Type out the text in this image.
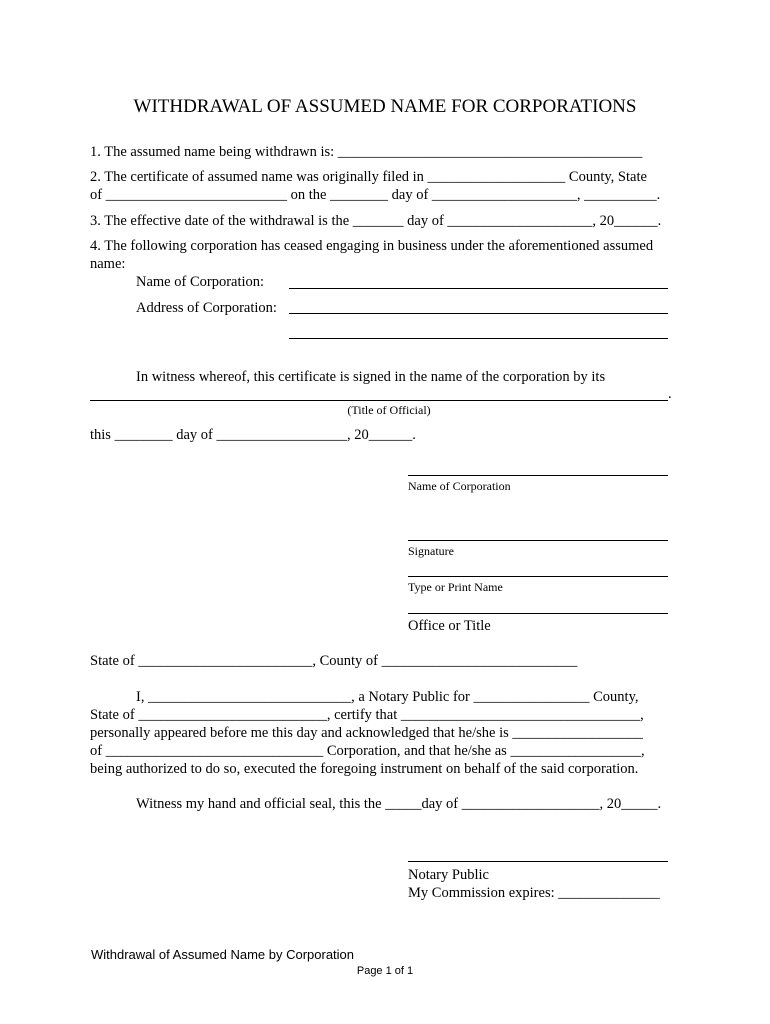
WITHDRAWAL OF ASSUMED NAME FOR CORPORATIONS
1. The assumed name being withdrawn is: __________________________________________
2. The certificate of assumed name was originally filed in ___________________ County, State
of _________________________ on the ________ day of ____________________, __________.
3. The effective date of the withdrawal is the _______ day of ____________________, 20______.
4. The following corporation has ceased engaging in business under the aforementioned assumed
name:
Name of Corporation:
Address of Corporation:
In witness whereof, this certificate is signed in the name of the corporation by its
.
(Title of Official)
this ________ day of __________________, 20______.
Name of Corporation
Signature
Type or Print Name
Office or Title
State of ________________________, County of ___________________________
I, ____________________________, a Notary Public for ________________ County,
State of __________________________, certify that _________________________________,
personally appeared before me this day and acknowledged that he/she is __________________
of ______________________________ Corporation, and that he/she as __________________,
being authorized to do so, executed the foregoing instrument on behalf of the said corporation.
Witness my hand and official seal, this the _____day of ___________________, 20_____.
Notary Public
My Commission expires: ______________
Withdrawal of Assumed Name by Corporation
Page 1 of 1
